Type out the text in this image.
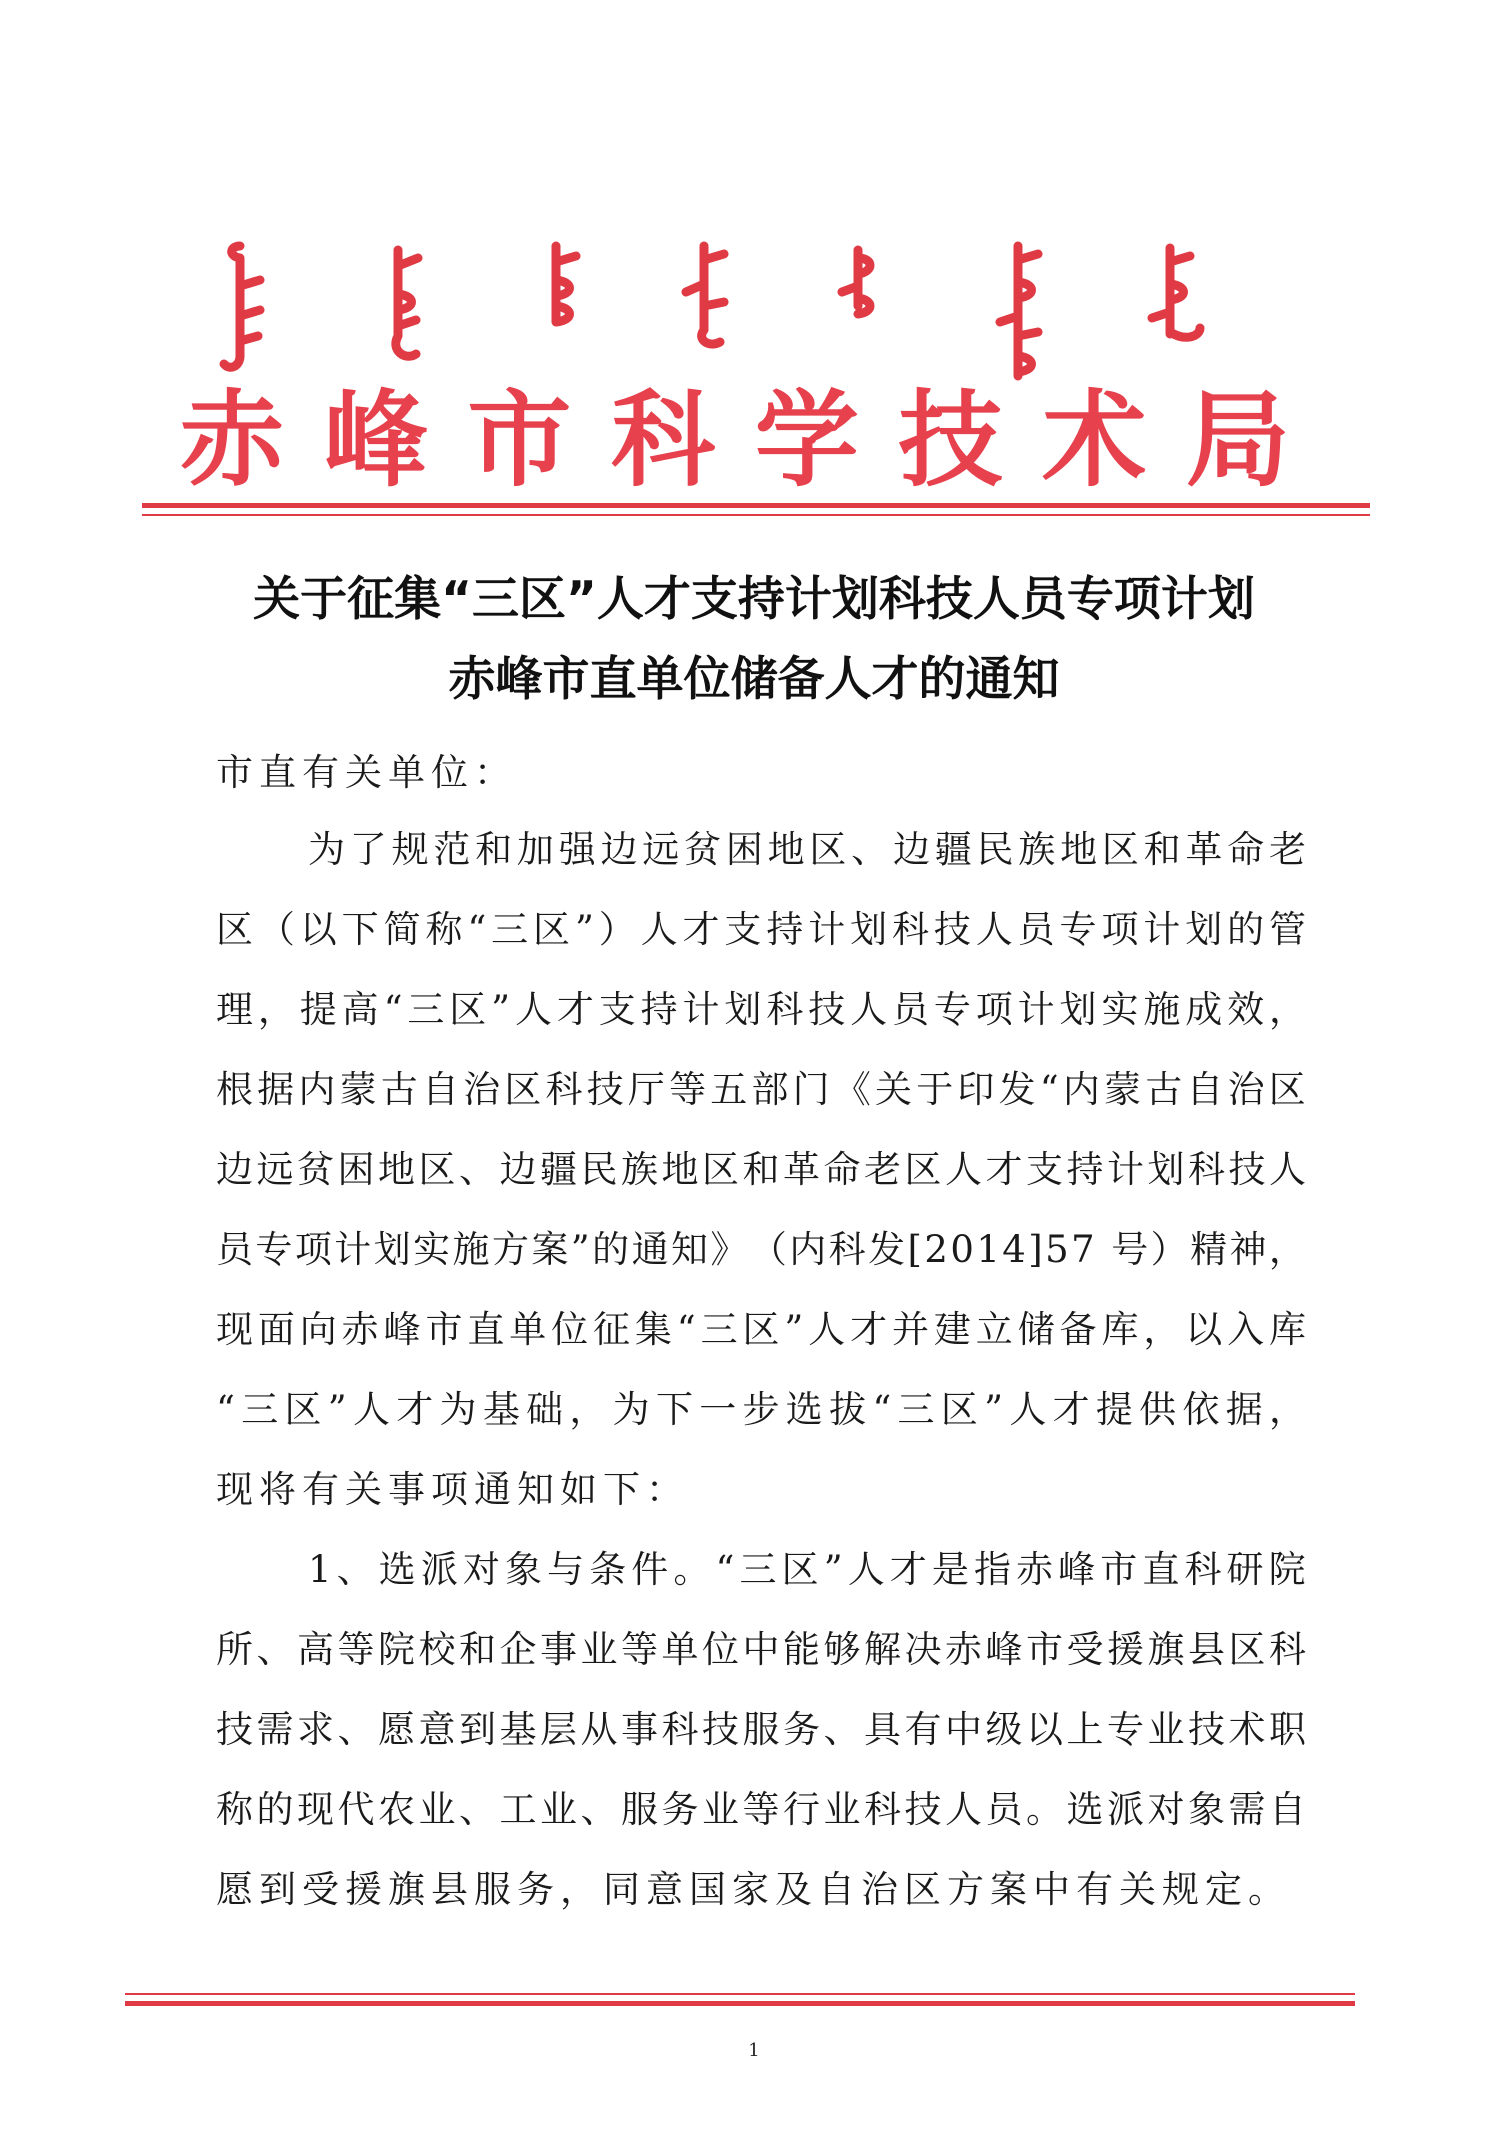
赤 峰 市 科 学 技 术 局
关于征集“三区”人才支持计划科技人员专项计划
赤峰市直单位储备人才的通知
市直有关单位：
为 了 规 范 和 加 强 边 远 贫 困 地 区 、 边 疆 民 族 地 区 和 革 命 老
区 （ 以 下 简 称 “ 三 区 ” ） 人 才 支 持 计 划 科 技 人 员 专 项 计 划 的 管
理 ， 提 高 “ 三 区 ” 人 才 支 持 计 划 科 技 人 员 专 项 计 划 实 施 成 效 ，
根 据 内 蒙 古 自 治 区 科 技 厅 等 五 部 门 《 关 于 印 发 “ 内 蒙 古 自 治 区
边 远 贫 困 地 区 、 边 疆 民 族 地 区 和 革 命 老 区 人 才 支 持 计 划 科 技 人
员 专 项 计 划 实 施 方 案 ” 的 通 知 》 （ 内 科 发 [ 2 0 1 4 ] 5 7
号 ） 精 神 ，
现 面 向 赤 峰 市 直 单 位 征 集 “ 三 区 ” 人 才 并 建 立 储 备 库 ， 以 入 库
“ 三 区 ” 人 才 为 基 础 ， 为 下 一 步 选 拔 “ 三 区 ” 人 才 提 供 依 据 ，
现将有关事项通知如下：
1 、 选 派 对 象 与 条 件 。 “ 三 区 ” 人 才 是 指 赤 峰 市 直 科 研 院
所 、 高 等 院 校 和 企 事 业 等 单 位 中 能 够 解 决 赤 峰 市 受 援 旗 县 区 科
技 需 求 、 愿 意 到 基 层 从 事 科 技 服 务 、 具 有 中 级 以 上 专 业 技 术 职
称 的 现 代 农 业 、 工 业 、 服 务 业 等 行 业 科 技 人 员 。 选 派 对 象 需 自
愿到受援旗县服务，同意国家及自治区方案中有关规定。
1
